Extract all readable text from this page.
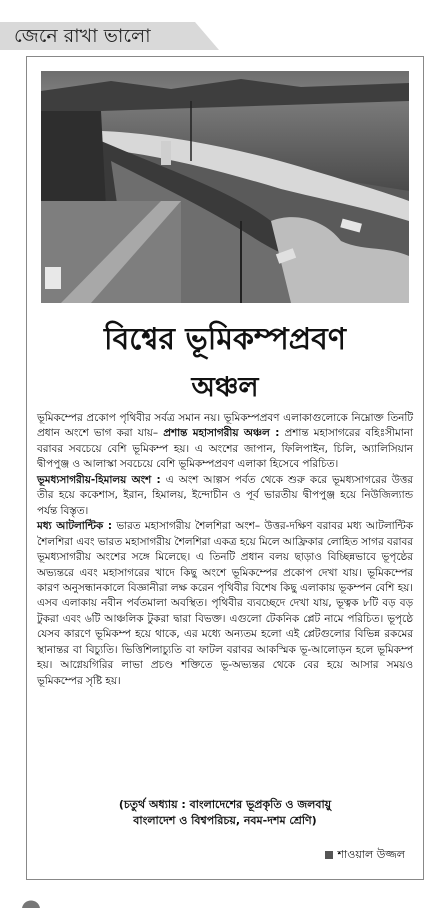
জেনে রাখা ভালো
বিশ্বের ভূমিকম্পপ্রবণ
অঞ্চল

ভূমিকম্পের প্রকোপ পৃথিবীর সর্বত্র সমান নয়। ভূমিকম্পপ্রবণ এলাকাগুলোকে নিম্নোক্ত তিনটি প্রধান অংশে ভাগ করা যায়– প্রশান্ত মহাসাগরীয় অঞ্চল : প্রশান্ত মহাসাগরের বহিঃসীমানা বরাবর সবচেয়ে বেশি ভূমিকম্প হয়। এ অংশের জাপান, ফিলিপাইন, চিলি, অ্যালিসিয়ান দ্বীপপুঞ্জ ও আলাস্কা সবচেয়ে বেশি ভূমিকম্পপ্রবণ এলাকা হিসেবে পরিচিত।

ভূমধ্যসাগরীয়-হিমালয় অংশ : এ অংশ আল্পস পর্বত থেকে শুরু করে ভূমধ্যসাগরের উত্তর তীর হয়ে ককেশাস, ইরান, হিমালয়, ইন্দোচীন ও পূর্ব ভারতীয় দ্বীপপুঞ্জ হয়ে নিউজিল্যান্ড পর্যন্ত বিস্তৃত।

মধ্য আটলান্টিক : ভারত মহাসাগরীয় শৈলশিরা অংশ– উত্তর-দক্ষিণ বরাবর মধ্য আটলান্টিক শৈলশিরা এবং ভারত মহাসাগরীয় শৈলশিরা একত্র হয়ে মিলে আফ্রিকার লোহিত সাগর বরাবর ভূমধ্যসাগরীয় অংশের সঙ্গে মিলেছে। এ তিনটি প্রধান বলয় ছাড়াও বিচ্ছিন্নভাবে ভূপৃষ্ঠের অভ্যন্তরে এবং মহাসাগরের খাদে কিছু অংশে ভূমিকম্পের প্রকোপ দেখা যায়। ভূমিকম্পের কারণ অনুসন্ধানকালে বিজ্ঞানীরা লক্ষ করেন পৃথিবীর বিশেষ কিছু এলাকায় ভূকম্পন বেশি হয়। এসব এলাকায় নবীন পর্বতমালা অবস্থিত। পৃথিবীর ব্যবচ্ছেদে দেখা যায়, ভূত্বক ৮টি বড় বড় টুকরা এবং ৬টি আঞ্চলিক টুকরা দ্বারা বিভক্ত। এগুলো টেকনিক প্লেট নামে পরিচিত। ভূপৃষ্ঠে যেসব কারণে ভূমিকম্প হয়ে থাকে, এর মধ্যে অন্যতম হলো এই প্লেটগুলোর বিভিন্ন রকমের স্থানান্তর বা বিচ্যুতি। ভিত্তিশিলাচ্যুতি বা ফাটল বরাবর আকস্মিক ভূ-আলোড়ন হলে ভূমিকম্প হয়। আগ্নেয়গিরির লাভা প্রচণ্ড শক্তিতে ভূ-অভ্যন্তর থেকে বের হয়ে আসার সময়ও ভূমিকম্পের সৃষ্টি হয়।

(চতুর্থ অধ্যায় : বাংলাদেশের ভূপ্রকৃতি ও জলবায়ু
বাংলাদেশ ও বিশ্বপরিচয়, নবম-দশম শ্রেণি)
শাওয়াল উজ্জল
